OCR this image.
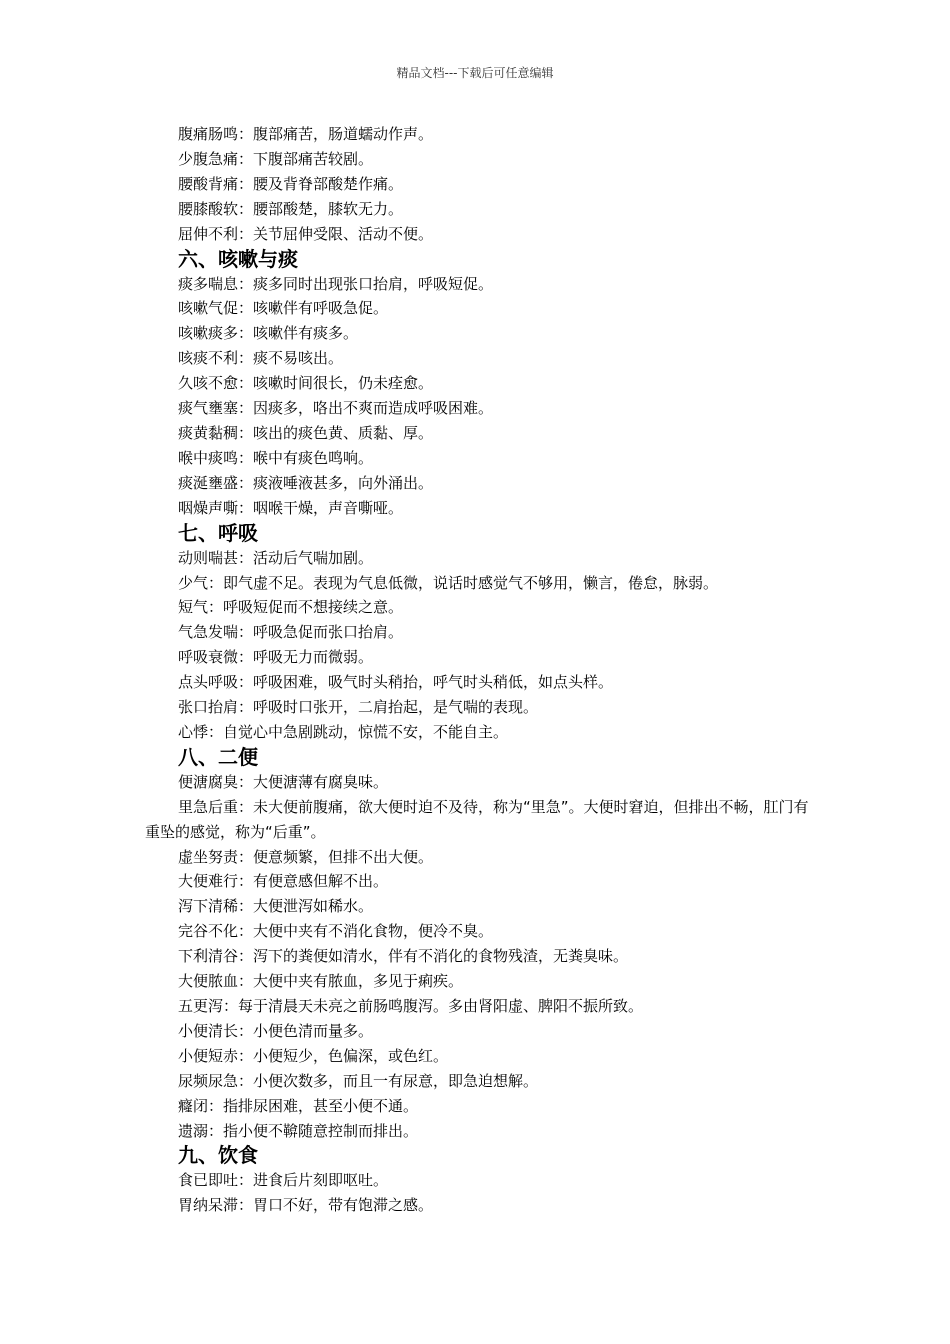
精品文档---下载后可任意编辑

腹痛肠鸣：腹部痛苦，肠道蠕动作声。

少腹急痛：下腹部痛苦较剧。

腰酸背痛：腰及背脊部酸楚作痛。

腰膝酸软：腰部酸楚，膝软无力。

屈伸不利：关节屈伸受限、活动不便。

六、咳嗽与痰

痰多喘息：痰多同时出现张口抬肩，呼吸短促。

咳嗽气促：咳嗽伴有呼吸急促。

咳嗽痰多：咳嗽伴有痰多。

咳痰不利：痰不易咳出。

久咳不愈：咳嗽时间很长，仍未痊愈。

痰气壅塞：因痰多，咯出不爽而造成呼吸困难。

痰黄黏稠：咳出的痰色黄、质黏、厚。

喉中痰鸣：喉中有痰色鸣响。

痰涎壅盛：痰液唾液甚多，向外涌出。

咽燥声嘶：咽喉干燥，声音嘶哑。

七、呼吸

动则喘甚：活动后气喘加剧。

少气：即气虚不足。表现为气息低微，说话时感觉气不够用，懒言，倦怠，脉弱。

短气：呼吸短促而不想接续之意。

气急发喘：呼吸急促而张口抬肩。

呼吸衰微：呼吸无力而微弱。

点头呼吸：呼吸困难，吸气时头稍抬，呼气时头稍低，如点头样。

张口抬肩：呼吸时口张开，二肩抬起，是气喘的表现。

心悸：自觉心中急剧跳动，惊慌不安，不能自主。

八、二便

便溏腐臭：大便溏薄有腐臭味。

里急后重：未大便前腹痛，欲大便时迫不及待，称为“里急”。大便时窘迫，但排出不畅，肛门有重坠的感觉，称为“后重”。

虚坐努责：便意频繁，但排不出大便。

大便难行：有便意感但解不出。

泻下清稀：大便泄泻如稀水。

完谷不化：大便中夹有不消化食物，便冷不臭。

下利清谷：泻下的粪便如清水，伴有不消化的食物残渣，无粪臭味。

大便脓血：大便中夹有脓血，多见于痢疾。

五更泻：每于清晨天未亮之前肠鸣腹泻。多由肾阳虚、脾阳不振所致。

小便清长：小便色清而量多。

小便短赤：小便短少，色偏深，或色红。

尿频尿急：小便次数多，而且一有尿意，即急迫想解。

癃闭：指排尿困难，甚至小便不通。

遗溺：指小便不鞥随意控制而排出。

九、饮食

食已即吐：进食后片刻即呕吐。

胃纳呆滞：胃口不好，带有饱滞之感。
